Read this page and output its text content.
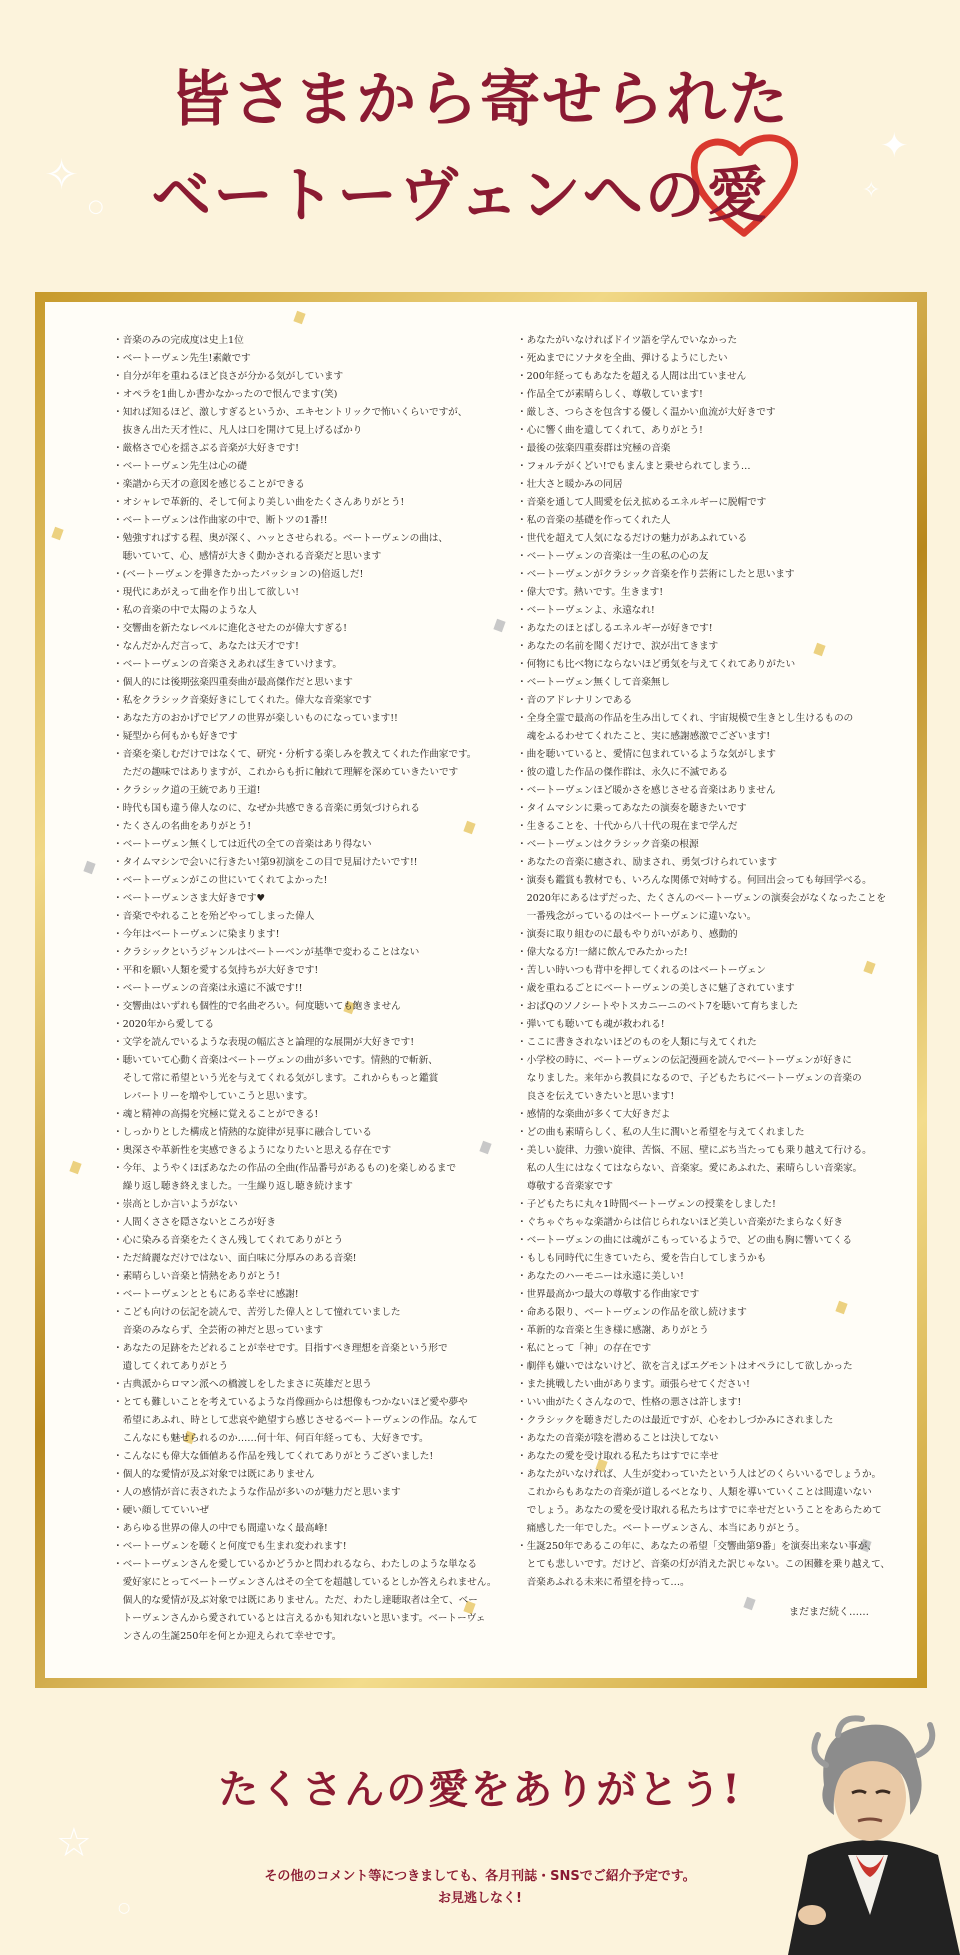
✧
○
✦
✧
☆
○
皆さまから寄せられた
ベートーヴェンへの
愛
・音楽のみの完成度は史上1位
・ベートーヴェン先生!素敵です
・自分が年を重ねるほど良さが分かる気がしています
・オペラを1曲しか書かなかったので恨んでます(笑)
・知れば知るほど、激しすぎるというか、エキセントリックで怖いくらいですが、
　抜きん出た天才性に、凡人は口を開けて見上げるばかり
・厳格さで心を揺さぶる音楽が大好きです!
・ベートーヴェン先生は心の礎
・楽譜から天才の意図を感じることができる
・オシャレで革新的、そして何より美しい曲をたくさんありがとう!
・ベートーヴェンは作曲家の中で、断トツの1番!!
・勉強すればする程、奥が深く、ハッとさせられる。ベートーヴェンの曲は、
　聴いていて、心、感情が大きく動かされる音楽だと思います
・(ベートーヴェンを弾きたかったパッションの)倍返しだ!
・現代にあがえって曲を作り出して欲しい!
・私の音楽の中で太陽のような人
・交響曲を新たなレベルに進化させたのが偉大すぎる!
・なんだかんだ言って、あなたは天才です!
・ベートーヴェンの音楽さえあれば生きていけます。
・個人的には後期弦楽四重奏曲が最高傑作だと思います
・私をクラシック音楽好きにしてくれた。偉大な音楽家です
・あなた方のおかげでピアノの世界が楽しいものになっています!!
・疑型から何もかも好きです
・音楽を楽しむだけではなくて、研究・分析する楽しみを教えてくれた作曲家です。
　ただの趣味ではありますが、これからも折に触れて理解を深めていきたいです
・クラシック道の王統であり王道!
・時代も国も違う偉人なのに、なぜか共感できる音楽に勇気づけられる
・たくさんの名曲をありがとう!
・ベートーヴェン無くしては近代の全ての音楽はあり得ない
・タイムマシンで会いに行きたい!第9初演をこの目で見届けたいです!!
・ベートーヴェンがこの世にいてくれてよかった!
・ベートーヴェンさま大好きです♥
・音楽でやれることを殆どやってしまった偉人
・今年はベートーヴェンに染まります!
・クラシックというジャンルはベートーベンが基準で変わることはない
・平和を願い人類を愛する気持ちが大好きです!
・ベートーヴェンの音楽は永遠に不滅です!!
・交響曲はいずれも個性的で名曲ぞろい。何度聴いても飽きません
・2020年から愛してる
・文学を読んでいるような表現の幅広さと論理的な展開が大好きです!
・聴いていて心動く音楽はベートーヴェンの曲が多いです。情熱的で斬新、
　そして常に希望という光を与えてくれる気がします。これからもっと鑑賞
　レパートリーを増やしていこうと思います。
・魂と精神の高揚を究極に覚えることができる!
・しっかりとした構成と情熱的な旋律が見事に融合している
・奥深さや革新性を実感できるようになりたいと思える存在です
・今年、ようやくほぼあなたの作品の全曲(作品番号があるもの)を楽しめるまで
　繰り返し聴き終えました。一生繰り返し聴き続けます
・崇高としか言いようがない
・人間くささを隠さないところが好き
・心に染みる音楽をたくさん残してくれてありがとう
・ただ綺麗なだけではない、面白味に分厚みのある音楽!
・素晴らしい音楽と情熱をありがとう!
・ベートーヴェンとともにある幸せに感謝!
・こども向けの伝記を読んで、苦労した偉人として憧れていました
　音楽のみならず、全芸術の神だと思っています
・あなたの足跡をたどれることが幸せです。目指すべき理想を音楽という形で
　遺してくれてありがとう
・古典派からロマン派への橋渡しをしたまさに英雄だと思う
・とても難しいことを考えているような肖像画からは想像もつかないほど愛や夢や
　希望にあふれ、時として悲哀や絶望すら感じさせるベートーヴェンの作品。なんて
　こんなにも魅せられるのか……何十年、何百年経っても、大好きです。
・こんなにも偉大な価値ある作品を残してくれてありがとうございました!
・個人的な愛情が及ぶ対象では既にありません
・人の感情が音に表されたような作品が多いのが魅力だと思います
・硬い顔してていいぜ
・あらゆる世界の偉人の中でも間違いなく最高峰!
・ベートーヴェンを聴くと何度でも生まれ変われます!
・ベートーヴェンさんを愛しているかどうかと問われるなら、わたしのような単なる
　愛好家にとってベートーヴェンさんはその全てを超越しているとしか答えられません。
　個人的な愛情が及ぶ対象では既にありません。ただ、わたし達聴取者は全て、ベー
　トーヴェンさんから愛されているとは言えるかも知れないと思います。ベートーヴェ
　ンさんの生誕250年を何とか迎えられて幸せです。
・あなたがいなければドイツ語を学んでいなかった
・死ぬまでにソナタを全曲、弾けるようにしたい
・200年経ってもあなたを超える人間は出ていません
・作品全てが素晴らしく、尊敬しています!
・厳しさ、つらさを包含する優しく温かい血流が大好きです
・心に響く曲を遺してくれて、ありがとう!
・最後の弦楽四重奏群は究極の音楽
・フォルテがくどい!でもまんまと乗せられてしまう…
・壮大さと暖かみの同居
・音楽を通して人間愛を伝え拡めるエネルギーに脱帽です
・私の音楽の基礎を作ってくれた人
・世代を超えて人気になるだけの魅力があふれている
・ベートーヴェンの音楽は一生の私の心の友
・ベートーヴェンがクラシック音楽を作り芸術にしたと思います
・偉大です。熱いです。生きます!
・ベートーヴェンよ、永遠なれ!
・あなたのほとばしるエネルギーが好きです!
・あなたの名前を聞くだけで、涙が出てきます
・何物にも比べ物にならないほど勇気を与えてくれてありがたい
・ベートーヴェン無くして音楽無し
・音のアドレナリンである
・全身全霊で最高の作品を生み出してくれ、宇宙規模で生きとし生けるものの
　魂をふるわせてくれたこと、実に感謝感激でございます!
・曲を聴いていると、愛情に包まれているような気がします
・彼の遺した作品の傑作群は、永久に不滅である
・ベートーヴェンほど暖かさを感じさせる音楽はありません
・タイムマシンに乗ってあなたの演奏を聴きたいです
・生きることを、十代から八十代の現在まで学んだ
・ベートーヴェンはクラシック音楽の根源
・あなたの音楽に癒され、励まされ、勇気づけられています
・演奏も鑑賞も教材でも、いろんな関係で対峙する。何回出会っても毎回学べる。
　2020年にあるはずだった、たくさんのベートーヴェンの演奏会がなくなったことを
　一番残念がっているのはベートーヴェンに違いない。
・演奏に取り組むのに最もやりがいがあり、感動的
・偉大なる方!一緒に飲んでみたかった!
・苦しい時いつも背中を押してくれるのはベートーヴェン
・歳を重ねるごとにベートーヴェンの美しさに魅了されています
・おばQのソノシートやトスカニーニのベト7を聴いて育ちました
・弾いても聴いても魂が救われる!
・ここに書きされないほどのものを人類に与えてくれた
・小学校の時に、ベートーヴェンの伝記漫画を読んでベートーヴェンが好きに
　なりました。来年から教員になるので、子どもたちにベートーヴェンの音楽の
　良さを伝えていきたいと思います!
・感情的な楽曲が多くて大好きだよ
・どの曲も素晴らしく、私の人生に潤いと希望を与えてくれました
・美しい旋律、力強い旋律、苦悩、不屈、壁にぶち当たっても乗り越えて行ける。
　私の人生にはなくてはならない、音楽家。愛にあふれた、素晴らしい音楽家。
　尊敬する音楽家です
・子どもたちに丸々1時間ベートーヴェンの授業をしました!
・ぐちゃぐちゃな楽譜からは信じられないほど美しい音楽がたまらなく好き
・ベートーヴェンの曲には魂がこもっているようで、どの曲も胸に響いてくる
・もしも同時代に生きていたら、愛を告白してしまうかも
・あなたのハーモニーは永遠に美しい!
・世界最高かつ最大の尊敬する作曲家です
・命ある限り、ベートーヴェンの作品を欲し続けます
・革新的な音楽と生き様に感謝、ありがとう
・私にとって「神」の存在です
・劇伴も嫌いではないけど、欲を言えばエグモントはオペラにして欲しかった
・また挑戦したい曲があります。頑張らせてください!
・いい曲がたくさんなので、性格の悪さは許します!
・クラシックを聴きだしたのは最近ですが、心をわしづかみにされました
・あなたの音楽が陰を潜めることは決してない
・あなたの愛を受け取れる私たちはすでに幸せ
・あなたがいなければ、人生が変わっていたという人はどのくらいいるでしょうか。
　これからもあなたの音楽が道しるべとなり、人類を導いていくことは間違いない
　でしょう。あなたの愛を受け取れる私たちはすでに幸せだということをあらためて
　痛感した一年でした。ベートーヴェンさん、本当にありがとう。
・生誕250年であるこの年に、あなたの希望「交響曲第9番」を演奏出来ない事が、
　とても悲しいです。だけど、音楽の灯が消えた訳じゃない。この困難を乗り越えて、
　音楽あふれる未来に希望を持って…。
まだまだ続く……
たくさんの愛をありがとう!
その他のコメント等につきましても、各月刊誌・SNSでご紹介予定です。
お見逃しなく!
